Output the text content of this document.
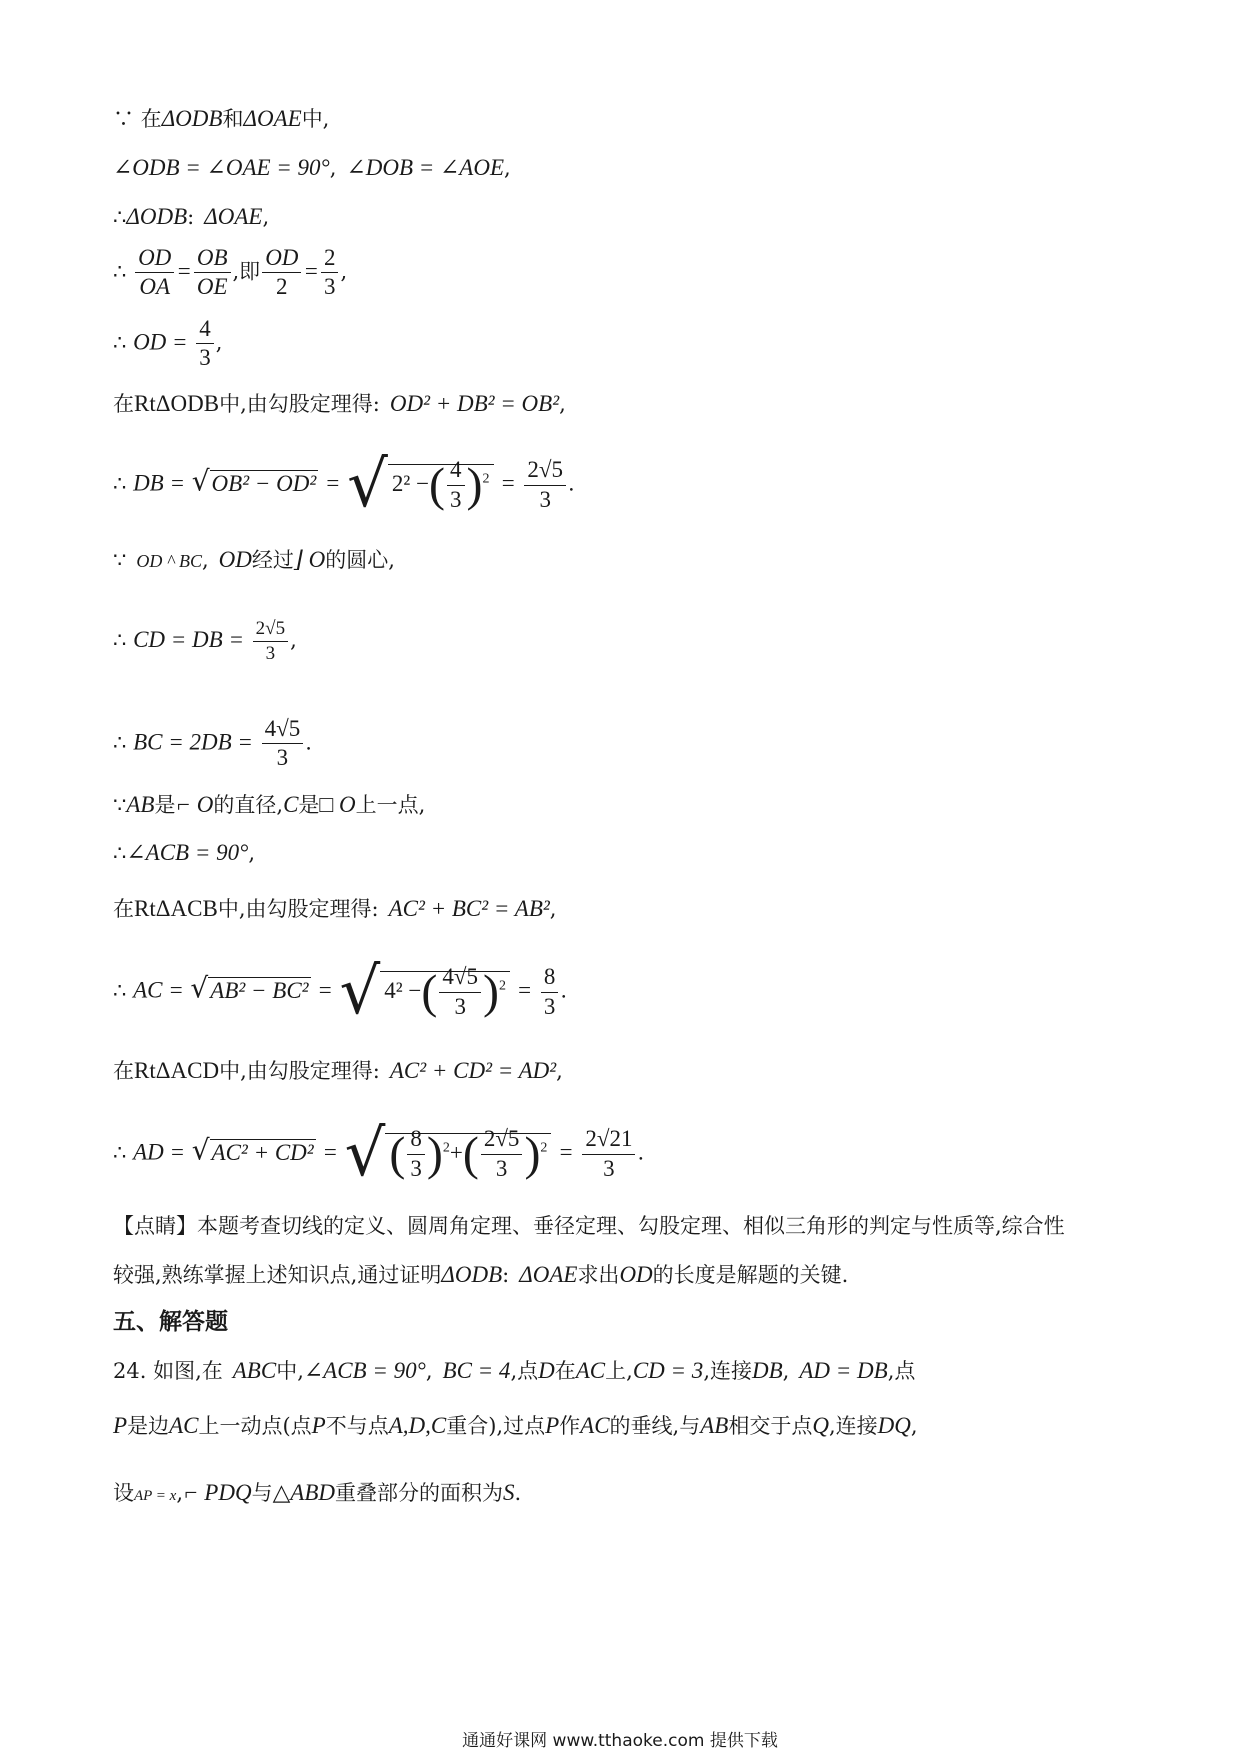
∵ 在ΔODB和ΔOAE中,
∠ODB = ∠OAE = 90°, ∠DOB = ∠AOE,
∴ΔODB: ΔOAE,
∴ $\frac{OD}{OA} = \frac{OB}{OE}$ ,即 $\frac{OD}{2} = \frac{2}{3}$ ,
∴ OD = $\frac{4}{3}$ ,
在RtΔODB中,由勾股定理得: OD² + DB² = OB²,
∴ DB = √OB² − OD² = √ 2² −( $\frac{4}{3} )^2 = \frac{2√5}{3}$ .
∵ OD ^ BC, OD经过⌋ O的圆心,
∴ CD = DB = $\frac{2√5}{3}$ ,
∴ BC = $2DB = \frac{4√5}{3}$ .
∵AB是⌐ O的直径,C是□ O上一点,
∴∠ACB = 90°,
在RtΔACB中,由勾股定理得: AC² + BC² = AB²,
∴ AC = √AB² − BC² = √ 4² −( $\frac{4√5}{3} )^2 = \frac{8}{3}$ .
在RtΔACD中,由勾股定理得: AC² + CD² = AD²,
∴ AD = √AC² + CD² = √( $\frac{8}{3} )^2+( \frac{2√5}{3} )^2 = \frac{2√21}{3}$ .
【点睛】本题考查切线的定义、圆周角定理、垂径定理、勾股定理、相似三角形的判定与性质等,综合性
较强,熟练掌握上述知识点,通过证明ΔODB: ΔOAE求出OD的长度是解题的关键.
五、解答题
24. 如图,在 ABC中,∠ACB = 90°, BC = 4,点D在AC上,CD = 3,连接DB, AD = DB,点
P是边AC上一动点(点P不与点A,D,C重合),过点P作AC的垂线,与AB相交于点Q,连接DQ,
设AP = x,⌐ PDQ与△ABD重叠部分的面积为S.
通通好课网 www.tthaoke.com 提供下载
